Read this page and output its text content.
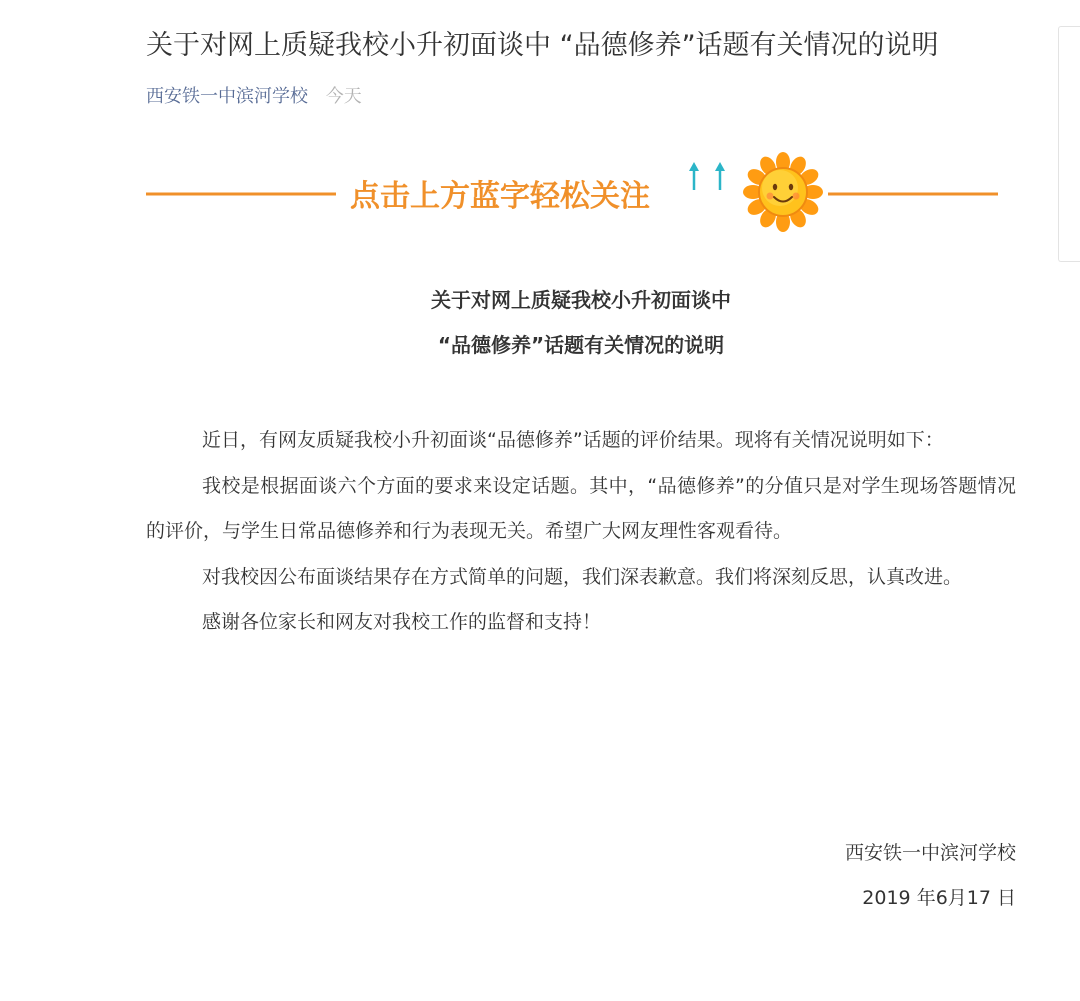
关于对网上质疑我校小升初面谈中 “品德修养”话题有关情况的说明
西安铁一中滨河学校 今天
点击上方蓝字轻松关注
关于对网上质疑我校小升初面谈中
“品德修养”话题有关情况的说明

近日，有网友质疑我校小升初面谈“品德修养”话题的评价结果。现将有关情况说明如下：

我校是根据面谈六个方面的要求来设定话题。其中，“品德修养”的分值只是对学生现场答题情况的评价，与学生日常品德修养和行为表现无关。希望广大网友理性客观看待。

对我校因公布面谈结果存在方式简单的问题，我们深表歉意。我们将深刻反思，认真改进。

感谢各位家长和网友对我校工作的监督和支持！

西安铁一中滨河学校
2019 年6月17 日
